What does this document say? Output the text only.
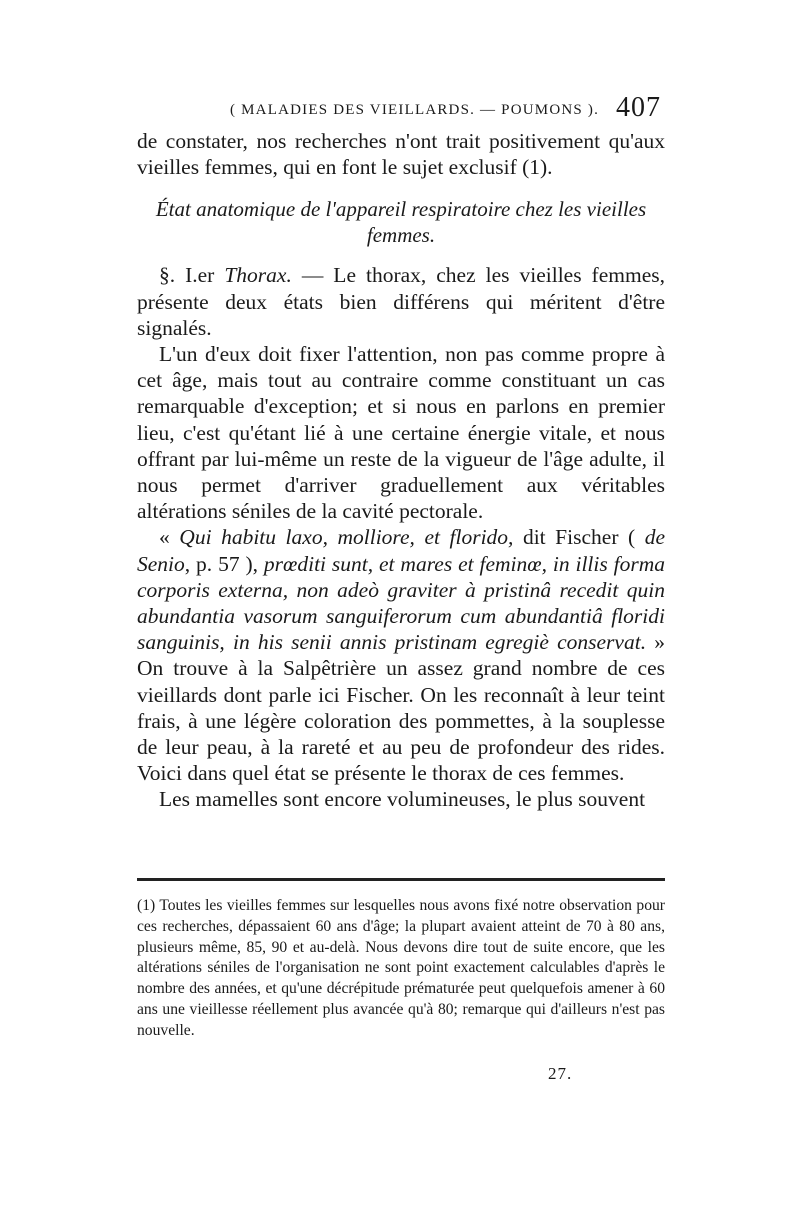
( MALADIES DES VIEILLARDS. — POUMONS ). 407

de constater, nos recherches n'ont trait positivement qu'aux vieilles femmes, qui en font le sujet exclusif (1).

État anatomique de l'appareil respiratoire chez les vieilles
femmes.

§. I.er Thorax. — Le thorax, chez les vieilles femmes, présente deux états bien différens qui méritent d'être signalés.

L'un d'eux doit fixer l'attention, non pas comme propre à cet âge, mais tout au contraire comme constituant un cas remarquable d'exception; et si nous en parlons en premier lieu, c'est qu'étant lié à une certaine énergie vitale, et nous offrant par lui-même un reste de la vigueur de l'âge adulte, il nous permet d'arriver graduellement aux véritables altérations séniles de la cavité pectorale.

« Qui habitu laxo, molliore, et florido, dit Fischer ( de Senio, p. 57 ), prœditi sunt, et mares et feminœ, in illis forma corporis externa, non adeò graviter à pristinâ recedit quin abundantia vasorum sanguiferorum cum abundantiâ floridi sanguinis, in his senii annis pristinam egregiè conservat. » On trouve à la Salpêtrière un assez grand nombre de ces vieillards dont parle ici Fischer. On les reconnaît à leur teint frais, à une légère coloration des pommettes, à la souplesse de leur peau, à la rareté et au peu de profondeur des rides. Voici dans quel état se présente le thorax de ces femmes.

Les mamelles sont encore volumineuses, le plus souvent

(1) Toutes les vieilles femmes sur lesquelles nous avons fixé notre observation pour ces recherches, dépassaient 60 ans d'âge; la plupart avaient atteint de 70 à 80 ans, plusieurs même, 85, 90 et au-delà. Nous devons dire tout de suite encore, que les altérations séniles de l'organisation ne sont point exactement calculables d'après le nombre des années, et qu'une décrépitude prématurée peut quelquefois amener à 60 ans une vieillesse réellement plus avancée qu'à 80; remarque qui d'ailleurs n'est pas nouvelle.

27.
